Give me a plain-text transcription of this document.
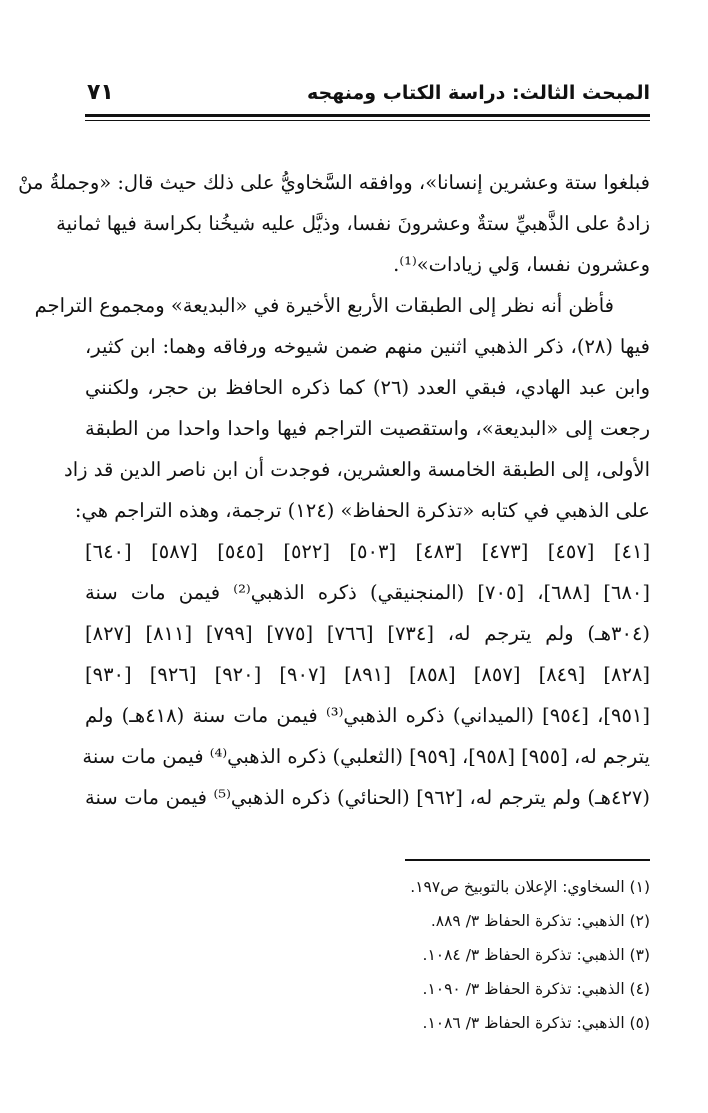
المبحث الثالث: دراسة الكتاب ومنهجه
٧١
فبلغوا ستة وعشرين إنسانا»، ووافقه السَّخاويُّ على ذلك حيث قال: «وجملةُ منْ
زادهُ على الذَّهبيِّ ستةٌ وعشرونَ نفسا، وذيَّل عليه شيخُنا بكراسة فيها ثمانية
وعشرون نفسا، وَلي زيادات»⁽¹⁾.
فأظن أنه نظر إلى الطبقات الأربع الأخيرة في «البديعة» ومجموع التراجم
فيها (٢٨)، ذكر الذهبي اثنين منهم ضمن شيوخه ورفاقه وهما: ابن كثير،
وابن عبد الهادي، فبقي العدد (٢٦) كما ذكره الحافظ بن حجر، ولكنني
رجعت إلى «البديعة»، واستقصيت التراجم فيها واحدا واحدا من الطبقة
الأولى، إلى الطبقة الخامسة والعشرين، فوجدت أن ابن ناصر الدين قد زاد
على الذهبي في كتابه «تذكرة الحفاظ» (١٢٤) ترجمة، وهذه التراجم هي:
[٤١] [٤٥٧] [٤٧٣] [٤٨٣] [٥٠٣] [٥٢٢] [٥٤٥] [٥٨٧] [٦٤٠]
[٦٨٠] [٦٨٨]، [٧٠٥] (المنجنيقي) ذكره الذهبي⁽²⁾ فيمن مات سنة
(٣٠٤هـ) ولم يترجم له، [٧٣٤] [٧٦٦] [٧٧٥] [٧٩٩] [٨١١] [٨٢٧]
[٨٢٨] [٨٤٩] [٨٥٧] [٨٥٨] [٨٩١] [٩٠٧] [٩٢٠] [٩٢٦] [٩٣٠]
[٩٥١]، [٩٥٤] (الميداني) ذكره الذهبي⁽³⁾ فيمن مات سنة (٤١٨هـ) ولم
يترجم له، [٩٥٥] [٩٥٨]، [٩٥٩] (الثعلبي) ذكره الذهبي⁽⁴⁾ فيمن مات سنة
(٤٢٧هـ) ولم يترجم له، [٩٦٢] (الحنائي) ذكره الذهبي⁽⁵⁾ فيمن مات سنة
(١) السخاوي: الإعلان بالتوبيخ ص١٩٧.
(٢) الذهبي: تذكرة الحفاظ ٣/ ٨٨٩.
(٣) الذهبي: تذكرة الحفاظ ٣/ ١٠٨٤.
(٤) الذهبي: تذكرة الحفاظ ٣/ ١٠٩٠.
(٥) الذهبي: تذكرة الحفاظ ٣/ ١٠٨٦.
